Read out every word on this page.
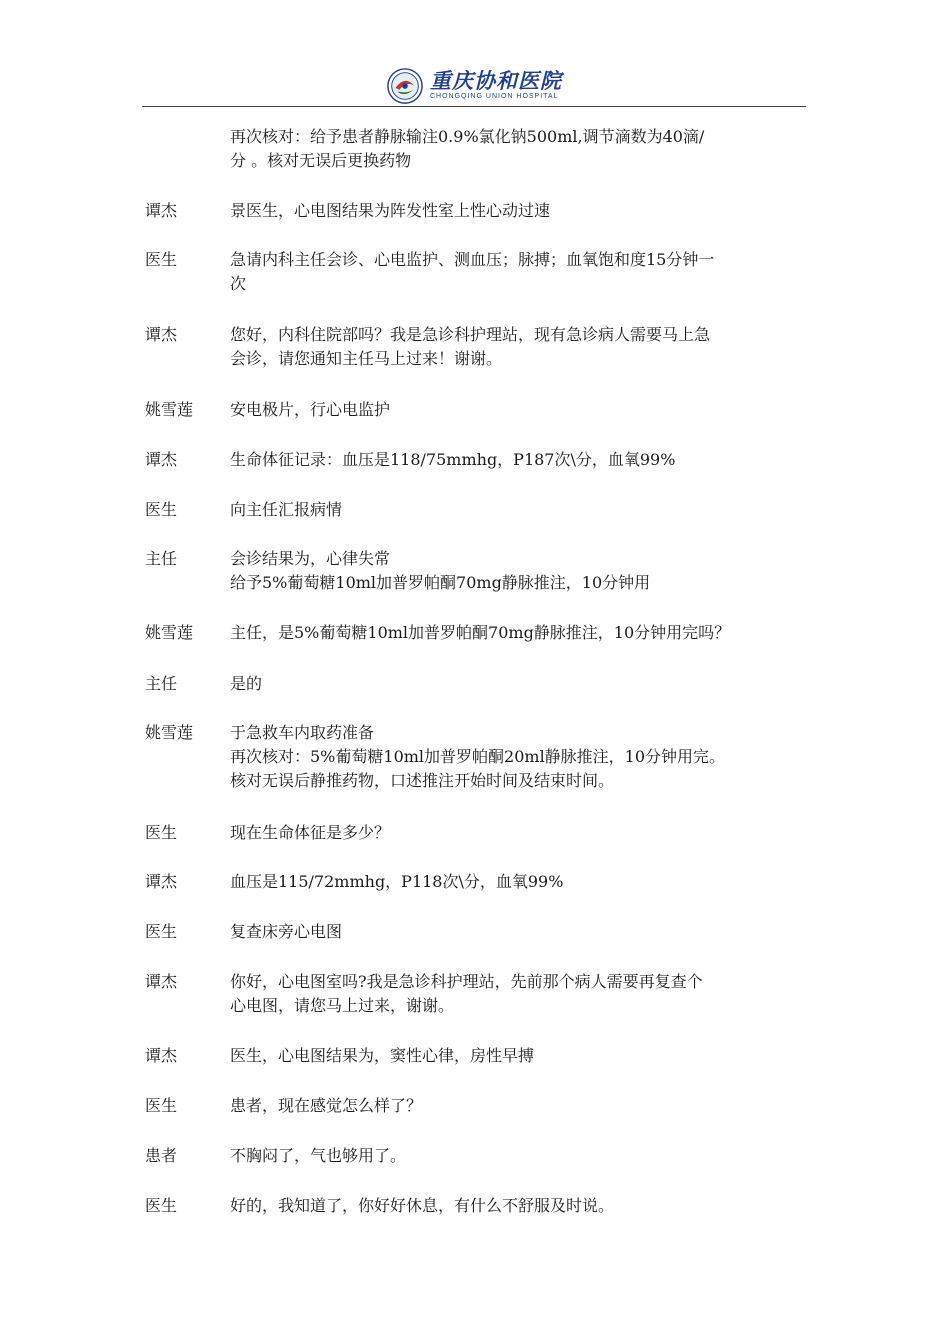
重庆协和医院
CHONGQING UNION HOSPITAL
再次核对：给予患者静脉输注0.9%氯化钠500ml,调节滴数为40滴/
分 。核对无误后更换药物
谭杰	景医生，心电图结果为阵发性室上性心动过速
医生	急请内科主任会诊、心电监护、测血压；脉搏；血氧饱和度15分钟一
次
谭杰	您好，内科住院部吗？我是急诊科护理站，现有急诊病人需要马上急
会诊，请您通知主任马上过来！谢谢。
姚雪莲	安电极片，行心电监护
谭杰	生命体征记录：血压是118/75mmhg，P187次\分，血氧99%
医生	向主任汇报病情
主任	会诊结果为，心律失常
给予5%葡萄糖10ml加普罗帕酮70mg静脉推注，10分钟用
姚雪莲	主任，是5%葡萄糖10ml加普罗帕酮70mg静脉推注，10分钟用完吗？
主任	是的
姚雪莲	于急救车内取药准备
再次核对：5%葡萄糖10ml加普罗帕酮20ml静脉推注，10分钟用完。
核对无误后静推药物，口述推注开始时间及结束时间。
医生	现在生命体征是多少？
谭杰	血压是115/72mmhg，P118次\分，血氧99%
医生	复查床旁心电图
谭杰	你好，心电图室吗?我是急诊科护理站，先前那个病人需要再复查个
心电图，请您马上过来，谢谢。
谭杰	医生，心电图结果为，窦性心律，房性早搏
医生	患者，现在感觉怎么样了？
患者	不胸闷了，气也够用了。
医生	好的，我知道了，你好好休息，有什么不舒服及时说。
